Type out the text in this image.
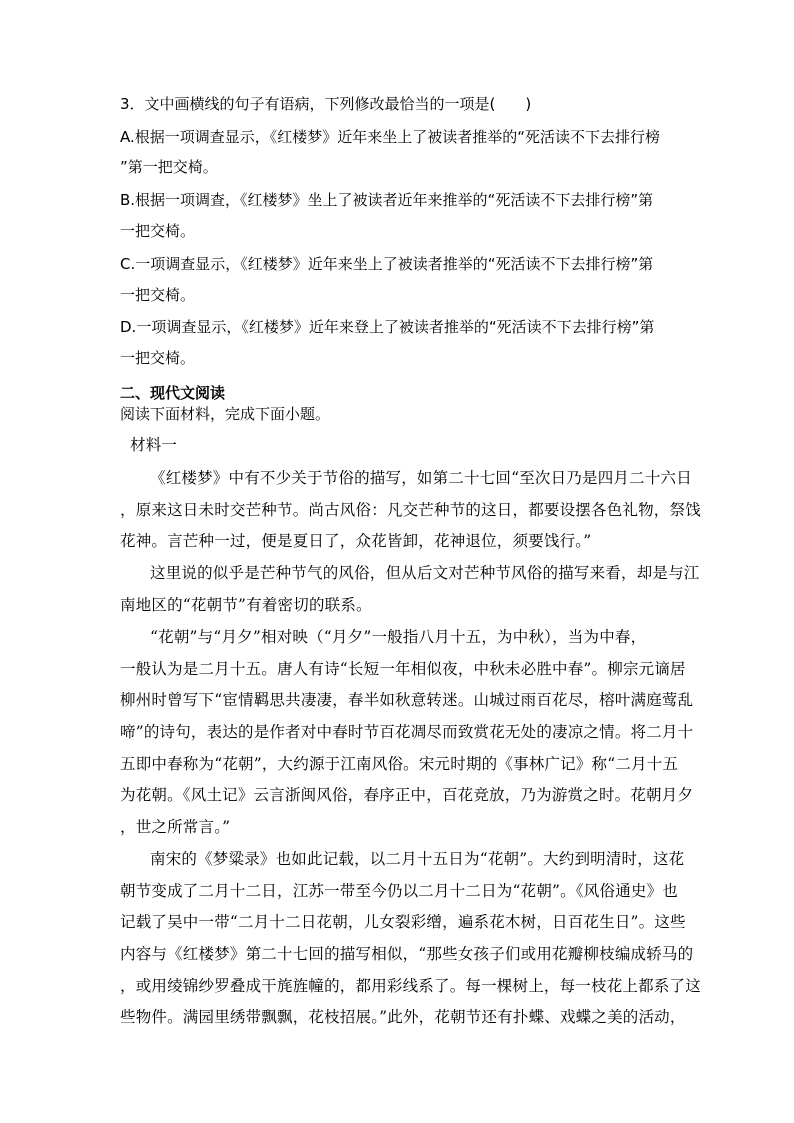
3．文中画横线的句子有语病，下列修改最恰当的一项是(　　)
A.根据一项调查显示，《红楼梦》近年来坐上了被读者推举的“死活读不下去排行榜
”第一把交椅。
B.根据一项调查，《红楼梦》坐上了被读者近年来推举的“死活读不下去排行榜”第
一把交椅。
C.一项调查显示，《红楼梦》近年来坐上了被读者推举的“死活读不下去排行榜”第
一把交椅。
D.一项调查显示，《红楼梦》近年来登上了被读者推举的“死活读不下去排行榜”第
一把交椅。
二、现代文阅读
阅读下面材料，完成下面小题。
材料一
《红楼梦》中有不少关于节俗的描写，如第二十七回“至次日乃是四月二十六日
，原来这日未时交芒种节。尚古风俗：凡交芒种节的这日，都要设摆各色礼物，祭饯
花神。言芒种一过，便是夏日了，众花皆卸，花神退位，须要饯行。”
这里说的似乎是芒种节气的风俗，但从后文对芒种节风俗的描写来看，却是与江
南地区的“花朝节”有着密切的联系。
“花朝”与“月夕”相对映（“月夕”一般指八月十五，为中秋），当为中春，
一般认为是二月十五。唐人有诗“长短一年相似夜，中秋未必胜中春”。柳宗元谪居
柳州时曾写下“宦情羁思共凄凄，春半如秋意转迷。山城过雨百花尽，榕叶满庭莺乱
啼”的诗句，表达的是作者对中春时节百花凋尽而致赏花无处的凄凉之情。将二月十
五即中春称为“花朝”，大约源于江南风俗。宋元时期的《事林广记》称“二月十五
为花朝。《风土记》云言浙闽风俗，春序正中，百花竞放，乃为游赏之时。花朝月夕
，世之所常言。”
南宋的《梦粱录》也如此记载，以二月十五日为“花朝”。大约到明清时，这花
朝节变成了二月十二日，江苏一带至今仍以二月十二日为“花朝”。《风俗通史》也
记载了吴中一带“二月十二日花朝，儿女裂彩缯，遍系花木树，日百花生日”。这些
内容与《红楼梦》第二十七回的描写相似，“那些女孩子们或用花瓣柳枝编成轿马的
，或用绫锦纱罗叠成干旄旌幢的，都用彩线系了。每一棵树上，每一枝花上都系了这
些物件。满园里绣带飘飘，花枝招展。”此外，花朝节还有扑蝶、戏蝶之美的活动，
